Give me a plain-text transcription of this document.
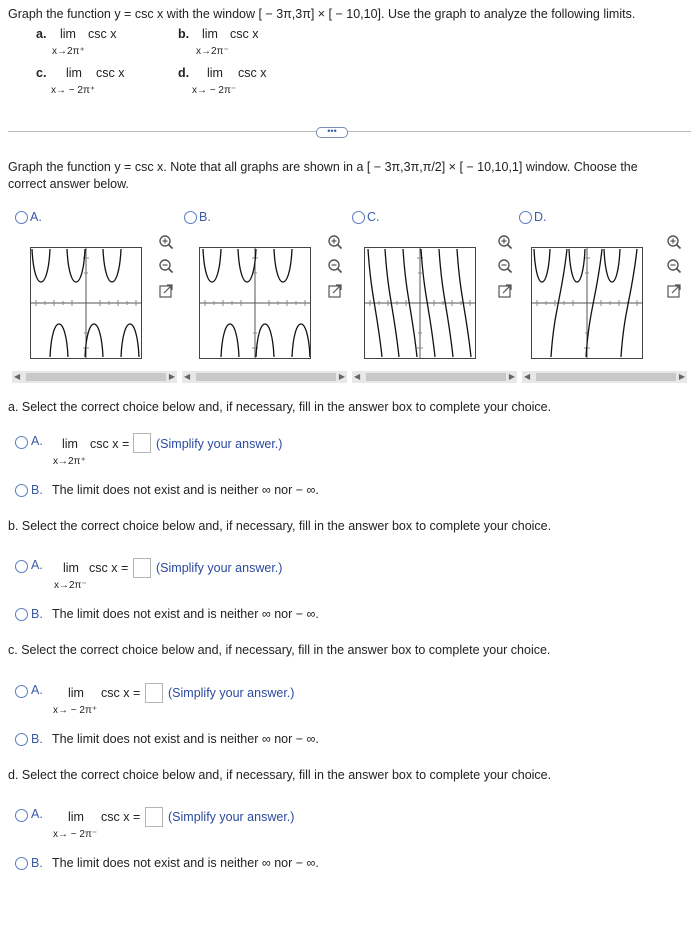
Graph the function y = csc x with the window [ − 3π,3π] × [ − 10,10]. Use the graph to analyze the following limits.
a. lim csc x
x→2π⁺
b. lim csc x
x→2π⁻
c. lim csc x
x→ − 2π⁺
d. lim csc x
x→ − 2π⁻
•••
Graph the function y = csc x. Note that all graphs are shown in a [ − 3π,3π,π/2] × [ − 10,10,1] window. Choose the
correct answer below.
A.	B.	C.	D.
◀	▶ ◀	▶ ◀	▶ ◀	▶
a. Select the correct choice below and, if necessary, fill in the answer box to complete your choice.
A. lim csc x = (Simplify your answer.)
x→2π⁺
B. The limit does not exist and is neither ∞ nor − ∞.
b. Select the correct choice below and, if necessary, fill in the answer box to complete your choice.
A. lim csc x = (Simplify your answer.)
x→2π⁻
B. The limit does not exist and is neither ∞ nor − ∞.
c. Select the correct choice below and, if necessary, fill in the answer box to complete your choice.
A. lim csc x = (Simplify your answer.)
x→ − 2π⁺
B. The limit does not exist and is neither ∞ nor − ∞.
d. Select the correct choice below and, if necessary, fill in the answer box to complete your choice.
A. lim csc x = (Simplify your answer.)
x→ − 2π⁻
B. The limit does not exist and is neither ∞ nor − ∞.
